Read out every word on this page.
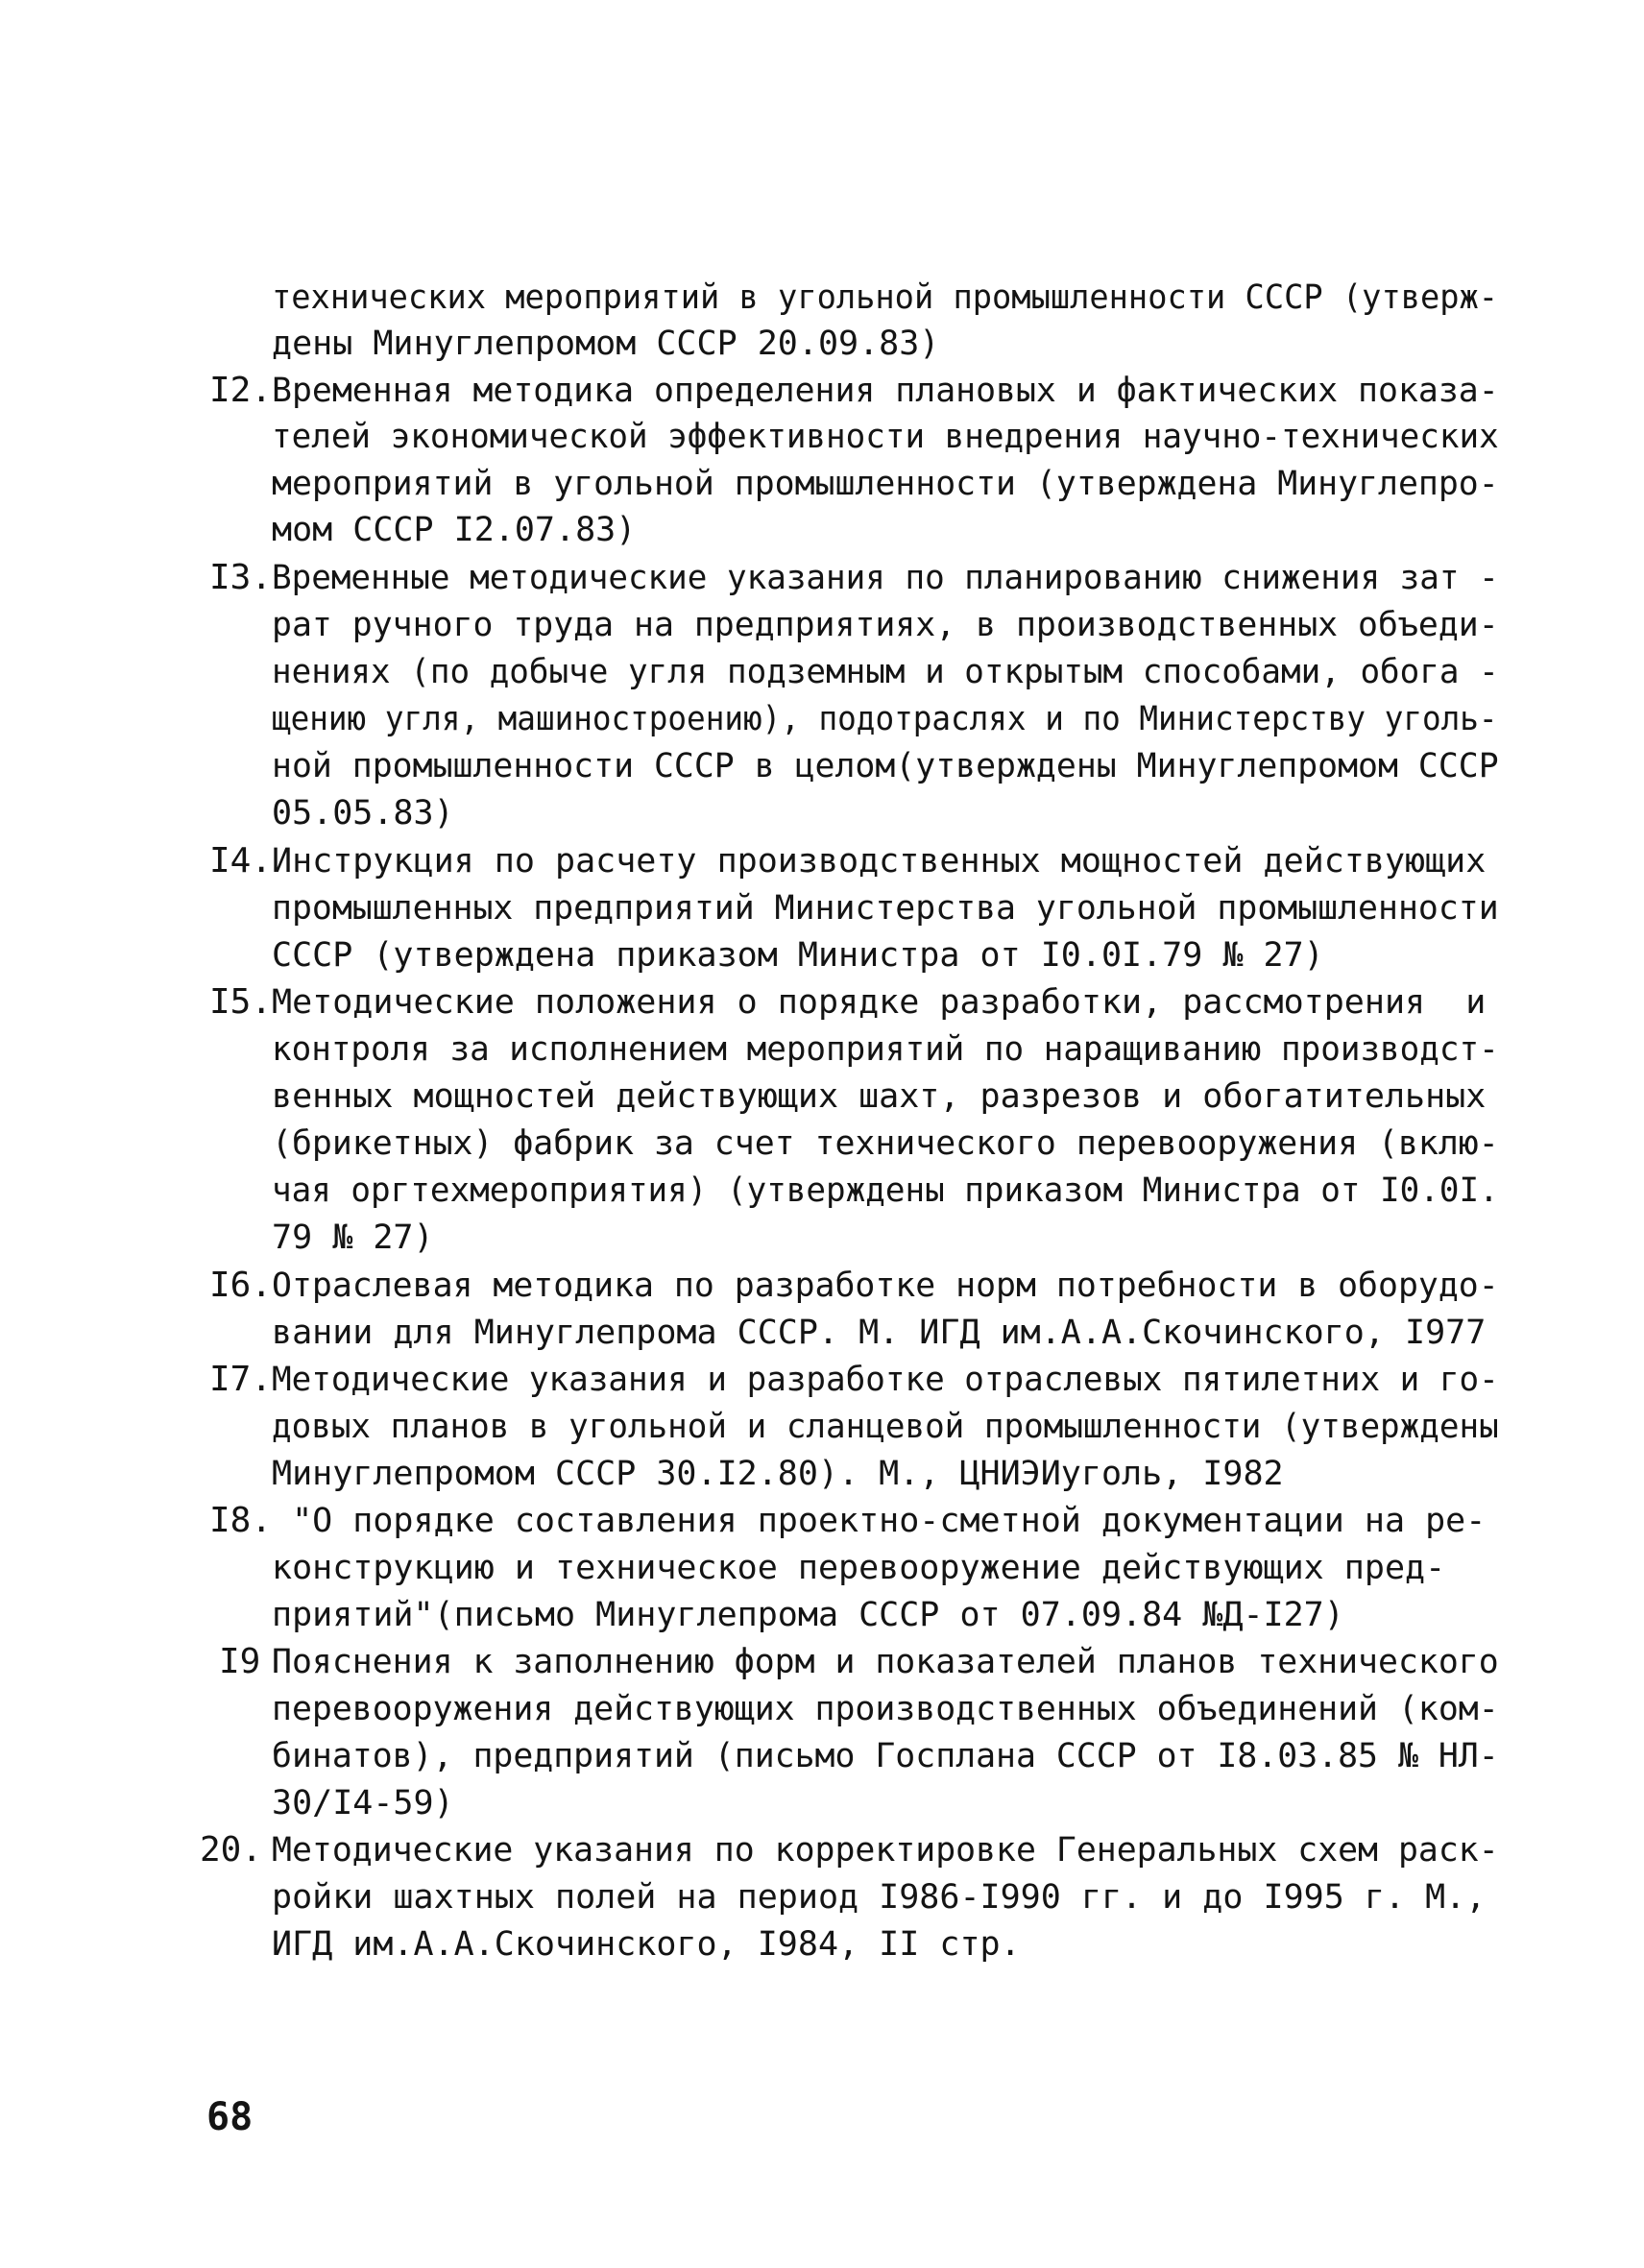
технических мероприятий в угольной промышленности СССР (утверж-
дены Минуглепромом СССР 20.09.83)
I2. Временная методика определения плановых и фактических показа-
телей экономической эффективности внедрения научно-технических
мероприятий в угольной промышленности (утверждена Минуглепро-
мом СССР I2.07.83)
I3. Временные методические указания по планированию снижения зат -
рат ручного труда на предприятиях, в производственных объеди-
нениях (по добыче угля подземным и открытым способами, обога -
щению угля, машиностроению), подотраслях и по Министерству уголь-
ной промышленности СССР в целом(утверждены Минуглепромом СССР
05.05.83)
I4. Инструкция по расчету производственных мощностей действующих
промышленных предприятий Министерства угольной промышленности
СССР (утверждена приказом Министра от I0.0I.79 № 27)
I5. Методические положения о порядке разработки, рассмотрения  и
контроля за исполнением мероприятий по наращиванию производст-
венных мощностей действующих шахт, разрезов и обогатительных
(брикетных) фабрик за счет технического перевооружения (вклю-
чая оргтехмероприятия) (утверждены приказом Министра от I0.0I.
79 № 27)
I6. Отраслевая методика по разработке норм потребности в оборудо-
вании для Минуглепрома СССР. М. ИГД им.А.А.Скочинского, I977
I7. Методические указания и разработке отраслевых пятилетних и го-
довых планов в угольной и сланцевой промышленности (утверждены
Минуглепромом СССР 30.I2.80). М., ЦНИЭИуголь, I982
I8. "О порядке составления проектно-сметной документации на ре-
конструкцию и техническое перевооружение действующих пред-
приятий"(письмо Минуглепрома СССР от 07.09.84 №Д-I27)
I9 Пояснения к заполнению форм и показателей планов технического
перевооружения действующих производственных объединений (ком-
бинатов), предприятий (письмо Госплана СССР от I8.03.85 № НЛ-
30/I4-59)
20. Методические указания по корректировке Генеральных схем раск-
ройки шахтных полей на период I986-I990 гг. и до I995 г. М.,
ИГД им.А.А.Скочинского, I984, II стр.
68
